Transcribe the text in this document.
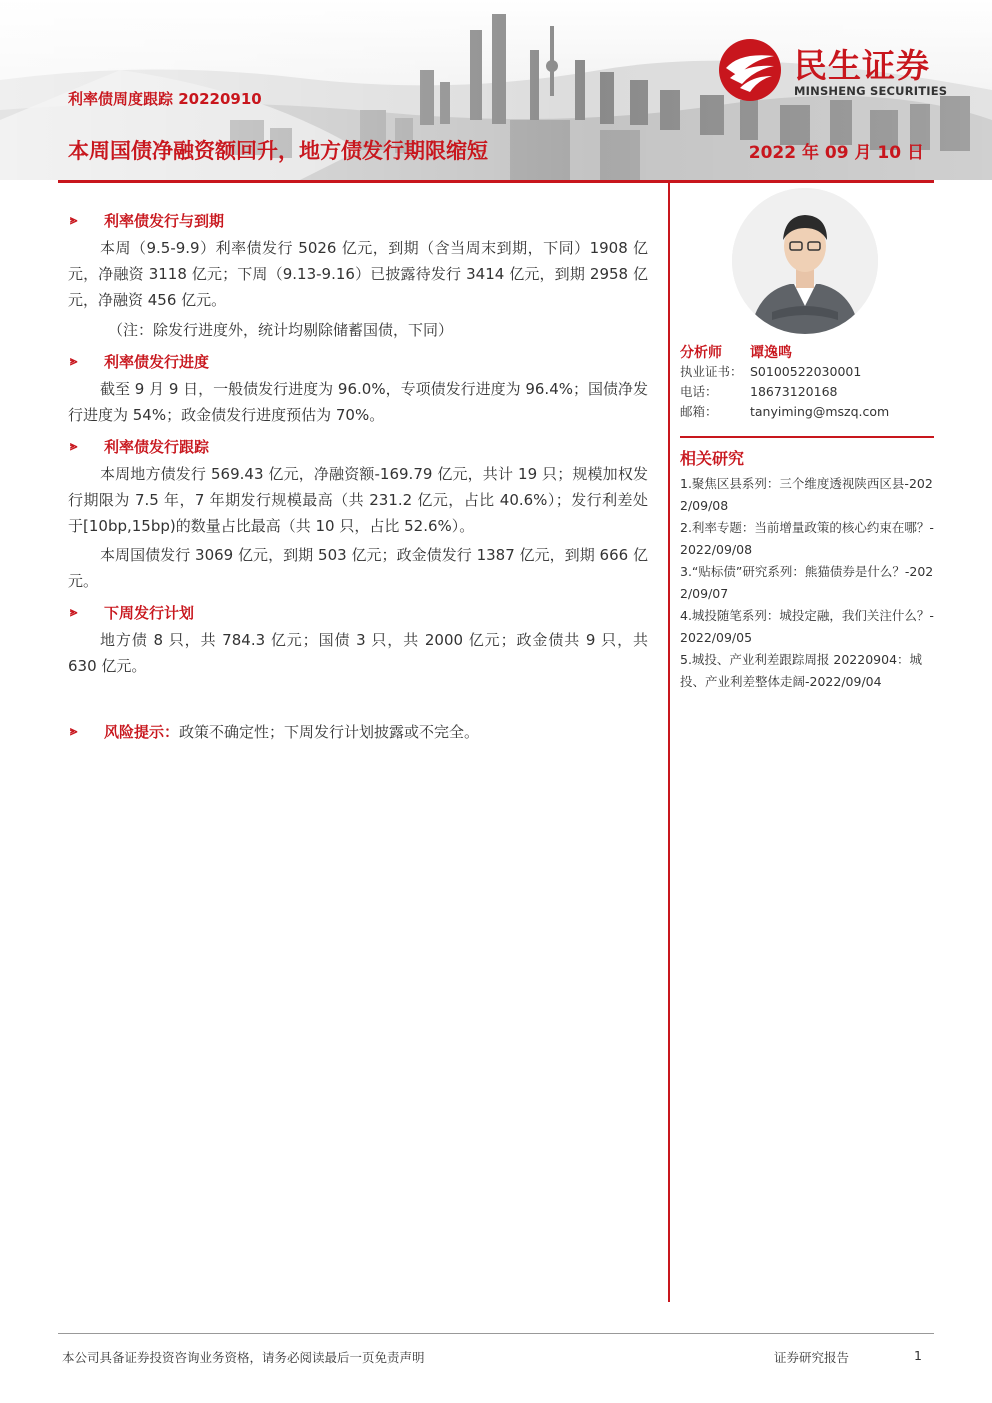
利率债周度跟踪 20220910
本周国债净融资额回升，地方债发行期限缩短	2022 年 09 月 10 日
民生证券
MINSHENG SECURITIES
⪢	利率债发行与到期

本周（9.5-9.9）利率债发行 5026 亿元，到期（含当周末到期，下同）1908 亿元，净融资 3118 亿元；下周（9.13-9.16）已披露待发行 3414 亿元，到期 2958 亿元，净融资 456 亿元。

（注：除发行进度外，统计均剔除储蓄国债，下同）

⪢	利率债发行进度

截至 9 月 9 日，一般债发行进度为 96.0%，专项债发行进度为 96.4%；国债净发行进度为 54%；政金债发行进度预估为 70%。

⪢	利率债发行跟踪

本周地方债发行 569.43 亿元，净融资额-169.79 亿元，共计 19 只；规模加权发行期限为 7.5 年，7 年期发行规模最高（共 231.2 亿元，占比 40.6%）；发行利差处于[10bp,15bp)的数量占比最高（共 10 只，占比 52.6%）。

本周国债发行 3069 亿元，到期 503 亿元；政金债发行 1387 亿元，到期 666 亿元。

⪢	下周发行计划

地方债 8 只，共 784.3 亿元；国债 3 只，共 2000 亿元；政金债共 9 只，共 630 亿元。

⪢	风险提示： 政策不确定性；下周发行计划披露或不完全。
分析师	谭逸鸣
执业证书： S0100522030001
电话：	18673120168
邮箱：	tanyiming@mszq.com
相关研究
1.聚焦区县系列：三个维度透视陕西区县-2022/09/08
2.利率专题：当前增量政策的核心约束在哪？-2022/09/08
3.“贴标债”研究系列：熊猫债券是什么？-2022/09/07
4.城投随笔系列：城投定融，我们关注什么？-2022/09/05
5.城投、产业利差跟踪周报 20220904：城投、产业利差整体走阔-2022/09/04
本公司具备证券投资咨询业务资格，请务必阅读最后一页免责声明	证券研究报告	1
